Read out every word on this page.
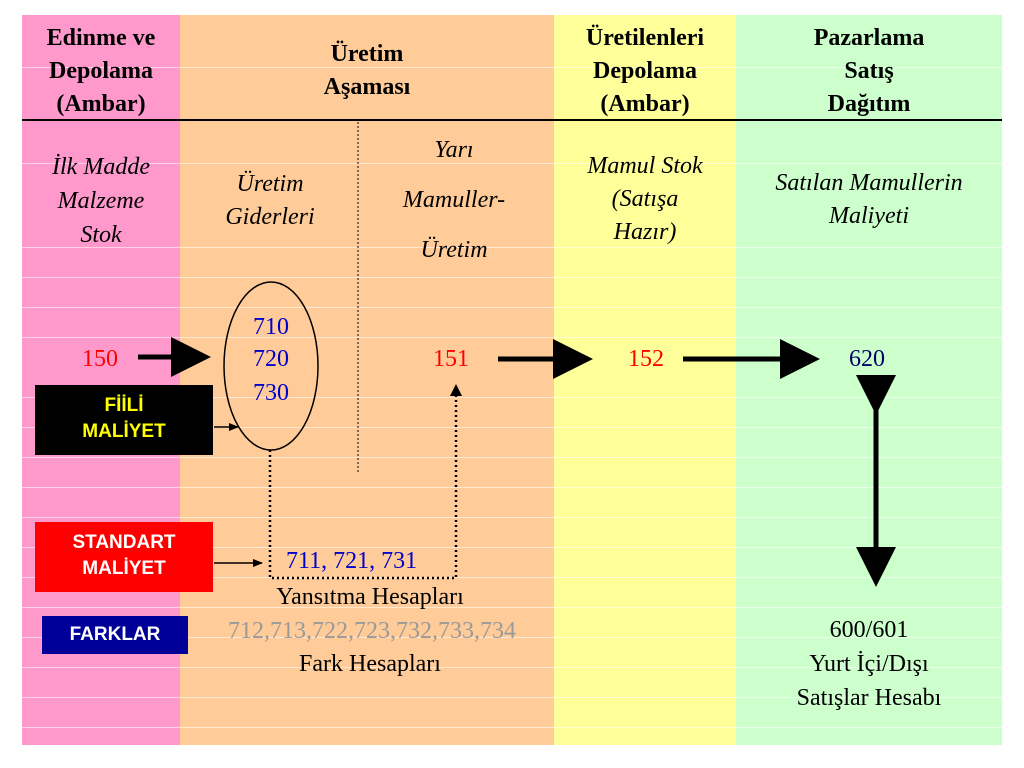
Edinme ve
Depolama
(Ambar)
Üretim
Aşaması
Üretilenleri
Depolama
(Ambar)
Pazarlama
Satış
Dağıtım
İlk Madde
Malzeme
Stok
Üretim
Giderleri
Yarı
Mamuller-
Üretim
Mamul Stok
(Satışa
Hazır)
Satılan Mamullerin
Maliyeti
150
710
720
730
151	152	620
711, 721, 731
Yansıtma Hesapları
712,713,722,723,732,733,734
Fark Hesapları
600/601
Yurt İçi/Dışı
Satışlar Hesabı
FİİLİ
MALİYET
STANDART
MALİYET
FARKLAR
